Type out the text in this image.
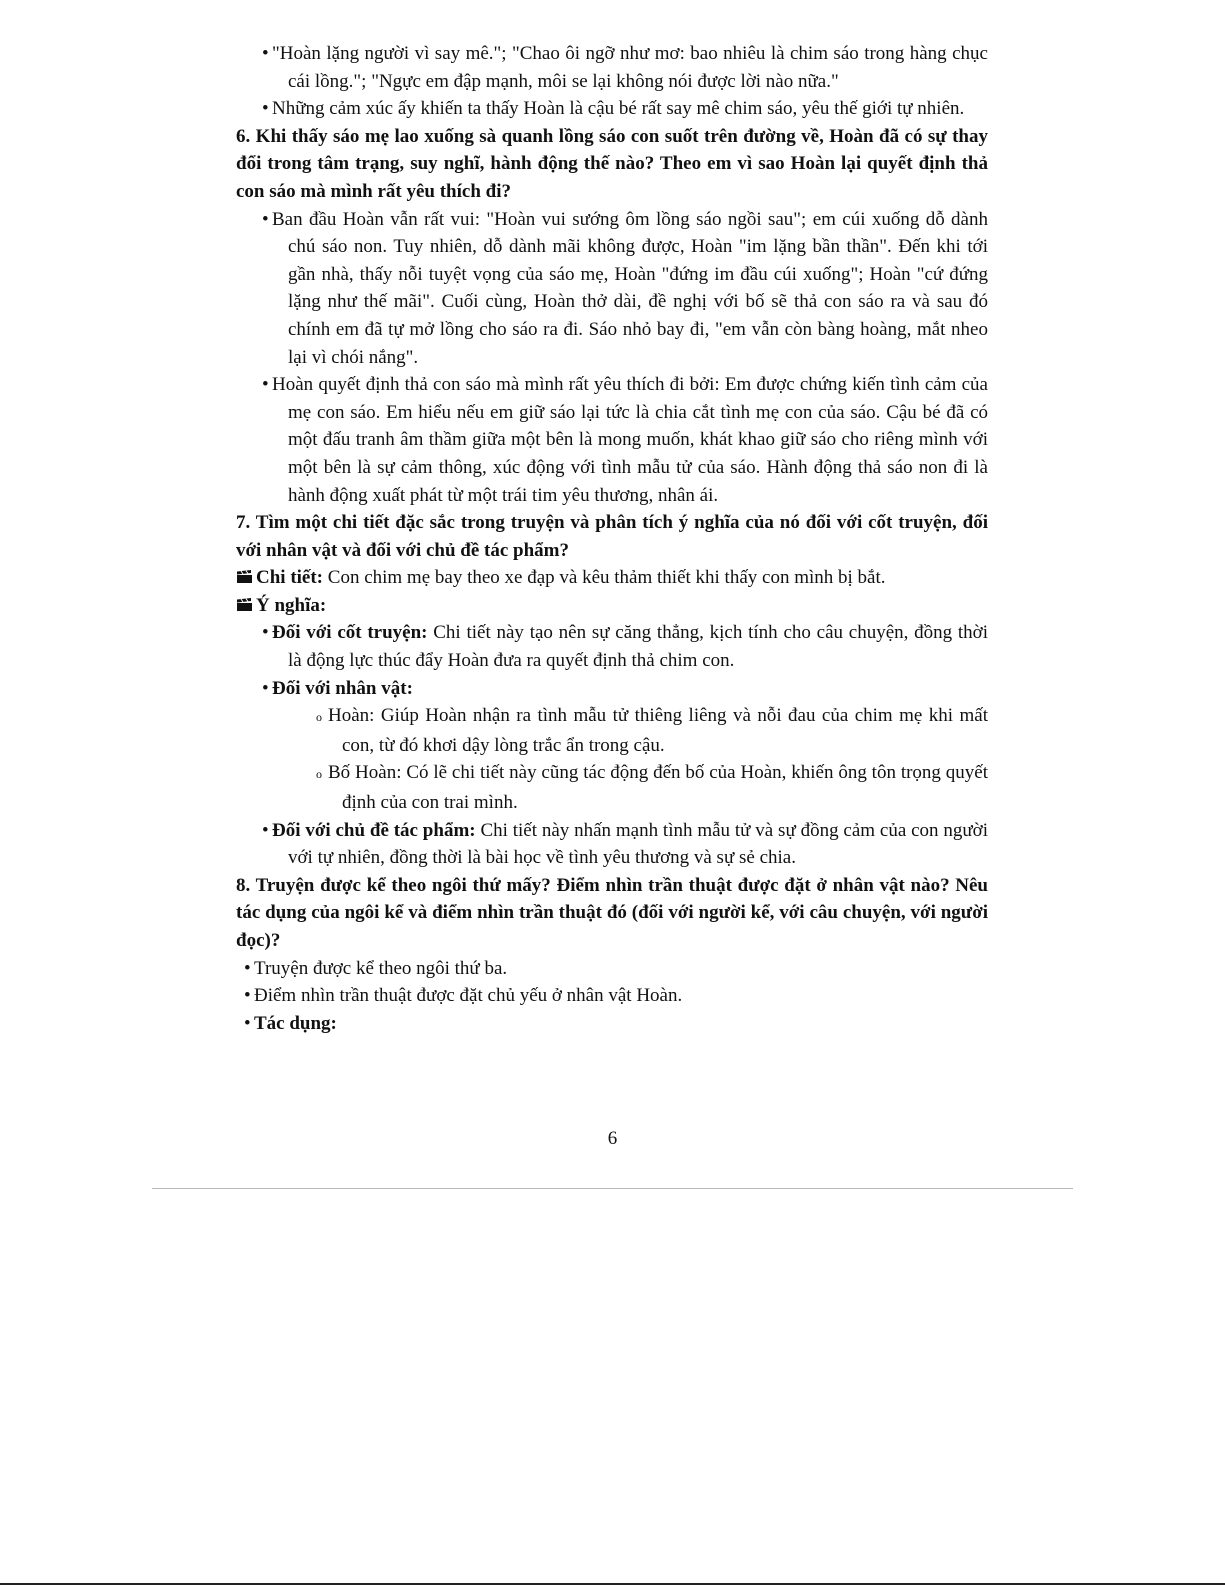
• "Hoàn lặng người vì say mê."; "Chao ôi ngỡ như mơ: bao nhiêu là chim sáo trong hàng chục cái lồng."; "Ngực em đập mạnh, môi se lại không nói được lời nào nữa."

• Những cảm xúc ấy khiến ta thấy Hoàn là cậu bé rất say mê chim sáo, yêu thế giới tự nhiên.

6. Khi thấy sáo mẹ lao xuống sà quanh lồng sáo con suốt trên đường về, Hoàn đã có sự thay đổi trong tâm trạng, suy nghĩ, hành động thế nào? Theo em vì sao Hoàn lại quyết định thả con sáo mà mình rất yêu thích đi?

• Ban đầu Hoàn vẫn rất vui: "Hoàn vui sướng ôm lồng sáo ngồi sau"; em cúi xuống dỗ dành chú sáo non. Tuy nhiên, dỗ dành mãi không được, Hoàn "im lặng bần thần". Đến khi tới gần nhà, thấy nỗi tuyệt vọng của sáo mẹ, Hoàn "đứng im đầu cúi xuống"; Hoàn "cứ đứng lặng như thế mãi". Cuối cùng, Hoàn thở dài, đề nghị với bố sẽ thả con sáo ra và sau đó chính em đã tự mở lồng cho sáo ra đi. Sáo nhỏ bay đi, "em vẫn còn bàng hoàng, mắt nheo lại vì chói nắng".

• Hoàn quyết định thả con sáo mà mình rất yêu thích đi bởi: Em được chứng kiến tình cảm của mẹ con sáo. Em hiểu nếu em giữ sáo lại tức là chia cắt tình mẹ con của sáo. Cậu bé đã có một đấu tranh âm thầm giữa một bên là mong muốn, khát khao giữ sáo cho riêng mình với một bên là sự cảm thông, xúc động với tình mẫu tử của sáo. Hành động thả sáo non đi là hành động xuất phát từ một trái tim yêu thương, nhân ái.

7. Tìm một chi tiết đặc sắc trong truyện và phân tích ý nghĩa của nó đối với cốt truyện, đối với nhân vật và đối với chủ đề tác phẩm?

Chi tiết: Con chim mẹ bay theo xe đạp và kêu thảm thiết khi thấy con mình bị bắt.

Ý nghĩa:

• Đối với cốt truyện: Chi tiết này tạo nên sự căng thẳng, kịch tính cho câu chuyện, đồng thời là động lực thúc đẩy Hoàn đưa ra quyết định thả chim con.

• Đối với nhân vật:

o Hoàn: Giúp Hoàn nhận ra tình mẫu tử thiêng liêng và nỗi đau của chim mẹ khi mất con, từ đó khơi dậy lòng trắc ẩn trong cậu.

o Bố Hoàn: Có lẽ chi tiết này cũng tác động đến bố của Hoàn, khiến ông tôn trọng quyết định của con trai mình.

• Đối với chủ đề tác phẩm: Chi tiết này nhấn mạnh tình mẫu tử và sự đồng cảm của con người với tự nhiên, đồng thời là bài học về tình yêu thương và sự sẻ chia.

8. Truyện được kể theo ngôi thứ mấy? Điểm nhìn trần thuật được đặt ở nhân vật nào? Nêu tác dụng của ngôi kể và điểm nhìn trần thuật đó (đối với người kể, với câu chuyện, với người đọc)?

• Truyện được kể theo ngôi thứ ba.

• Điểm nhìn trần thuật được đặt chủ yếu ở nhân vật Hoàn.

• Tác dụng:

6
